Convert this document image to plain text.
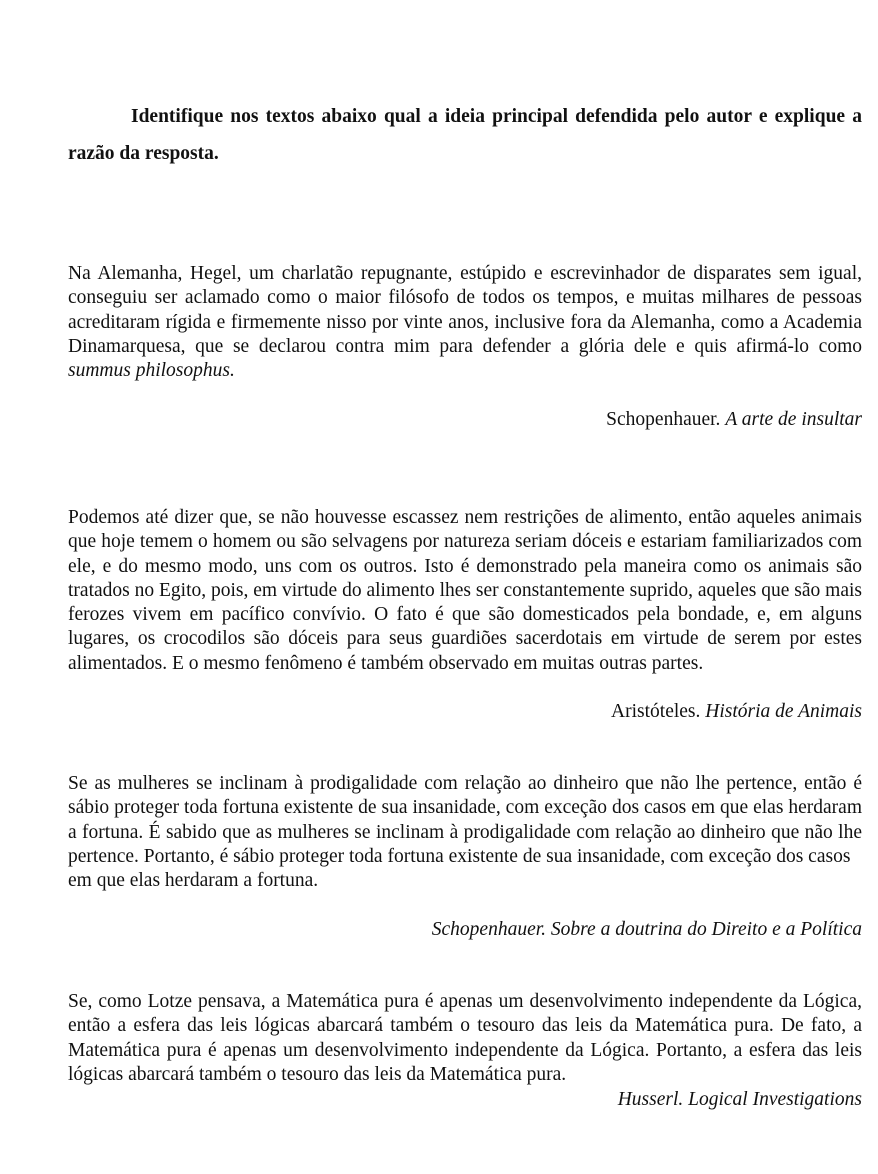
Identifique nos textos abaixo qual a ideia principal defendida pelo autor e explique a razão da resposta.

Na Alemanha, Hegel, um charlatão repugnante, estúpido e escrevinhador de disparates sem igual, conseguiu ser aclamado como o maior filósofo de todos os tempos, e muitas milhares de pessoas acreditaram rígida e firmemente nisso por vinte anos, inclusive fora da Alemanha, como a Academia Dinamarquesa, que se declarou contra mim para defender a glória dele e quis afirmá-lo como summus philosophus.

Schopenhauer. A arte de insultar

Podemos até dizer que, se não houvesse escassez nem restrições de alimento, então aqueles animais que hoje temem o homem ou são selvagens por natureza seriam dóceis e estariam familiarizados com ele, e do mesmo modo, uns com os outros. Isto é demonstrado pela maneira como os animais são tratados no Egito, pois, em virtude do alimento lhes ser constantemente suprido, aqueles que são mais ferozes vivem em pacífico convívio. O fato é que são domesticados pela bondade, e, em alguns lugares, os crocodilos são dóceis para seus guardiões sacerdotais em virtude de serem por estes alimentados. E o mesmo fenômeno é também observado em muitas outras partes.

Aristóteles. História de Animais

Se as mulheres se inclinam à prodigalidade com relação ao dinheiro que não lhe pertence, então é sábio proteger toda fortuna existente de sua insanidade, com exceção dos casos em que elas herdaram a fortuna. É sabido que as mulheres se inclinam à prodigalidade com relação ao dinheiro que não lhe pertence. Portanto, é sábio proteger toda fortuna existente de sua insanidade, com exceção dos casos
em que elas herdaram a fortuna.

Schopenhauer. Sobre a doutrina do Direito e a Política

Se, como Lotze pensava, a Matemática pura é apenas um desenvolvimento independente da Lógica, então a esfera das leis lógicas abarcará também o tesouro das leis da Matemática pura. De fato, a Matemática pura é apenas um desenvolvimento independente da Lógica. Portanto, a esfera das leis lógicas abarcará também o tesouro das leis da Matemática pura.

Husserl. Logical Investigations
